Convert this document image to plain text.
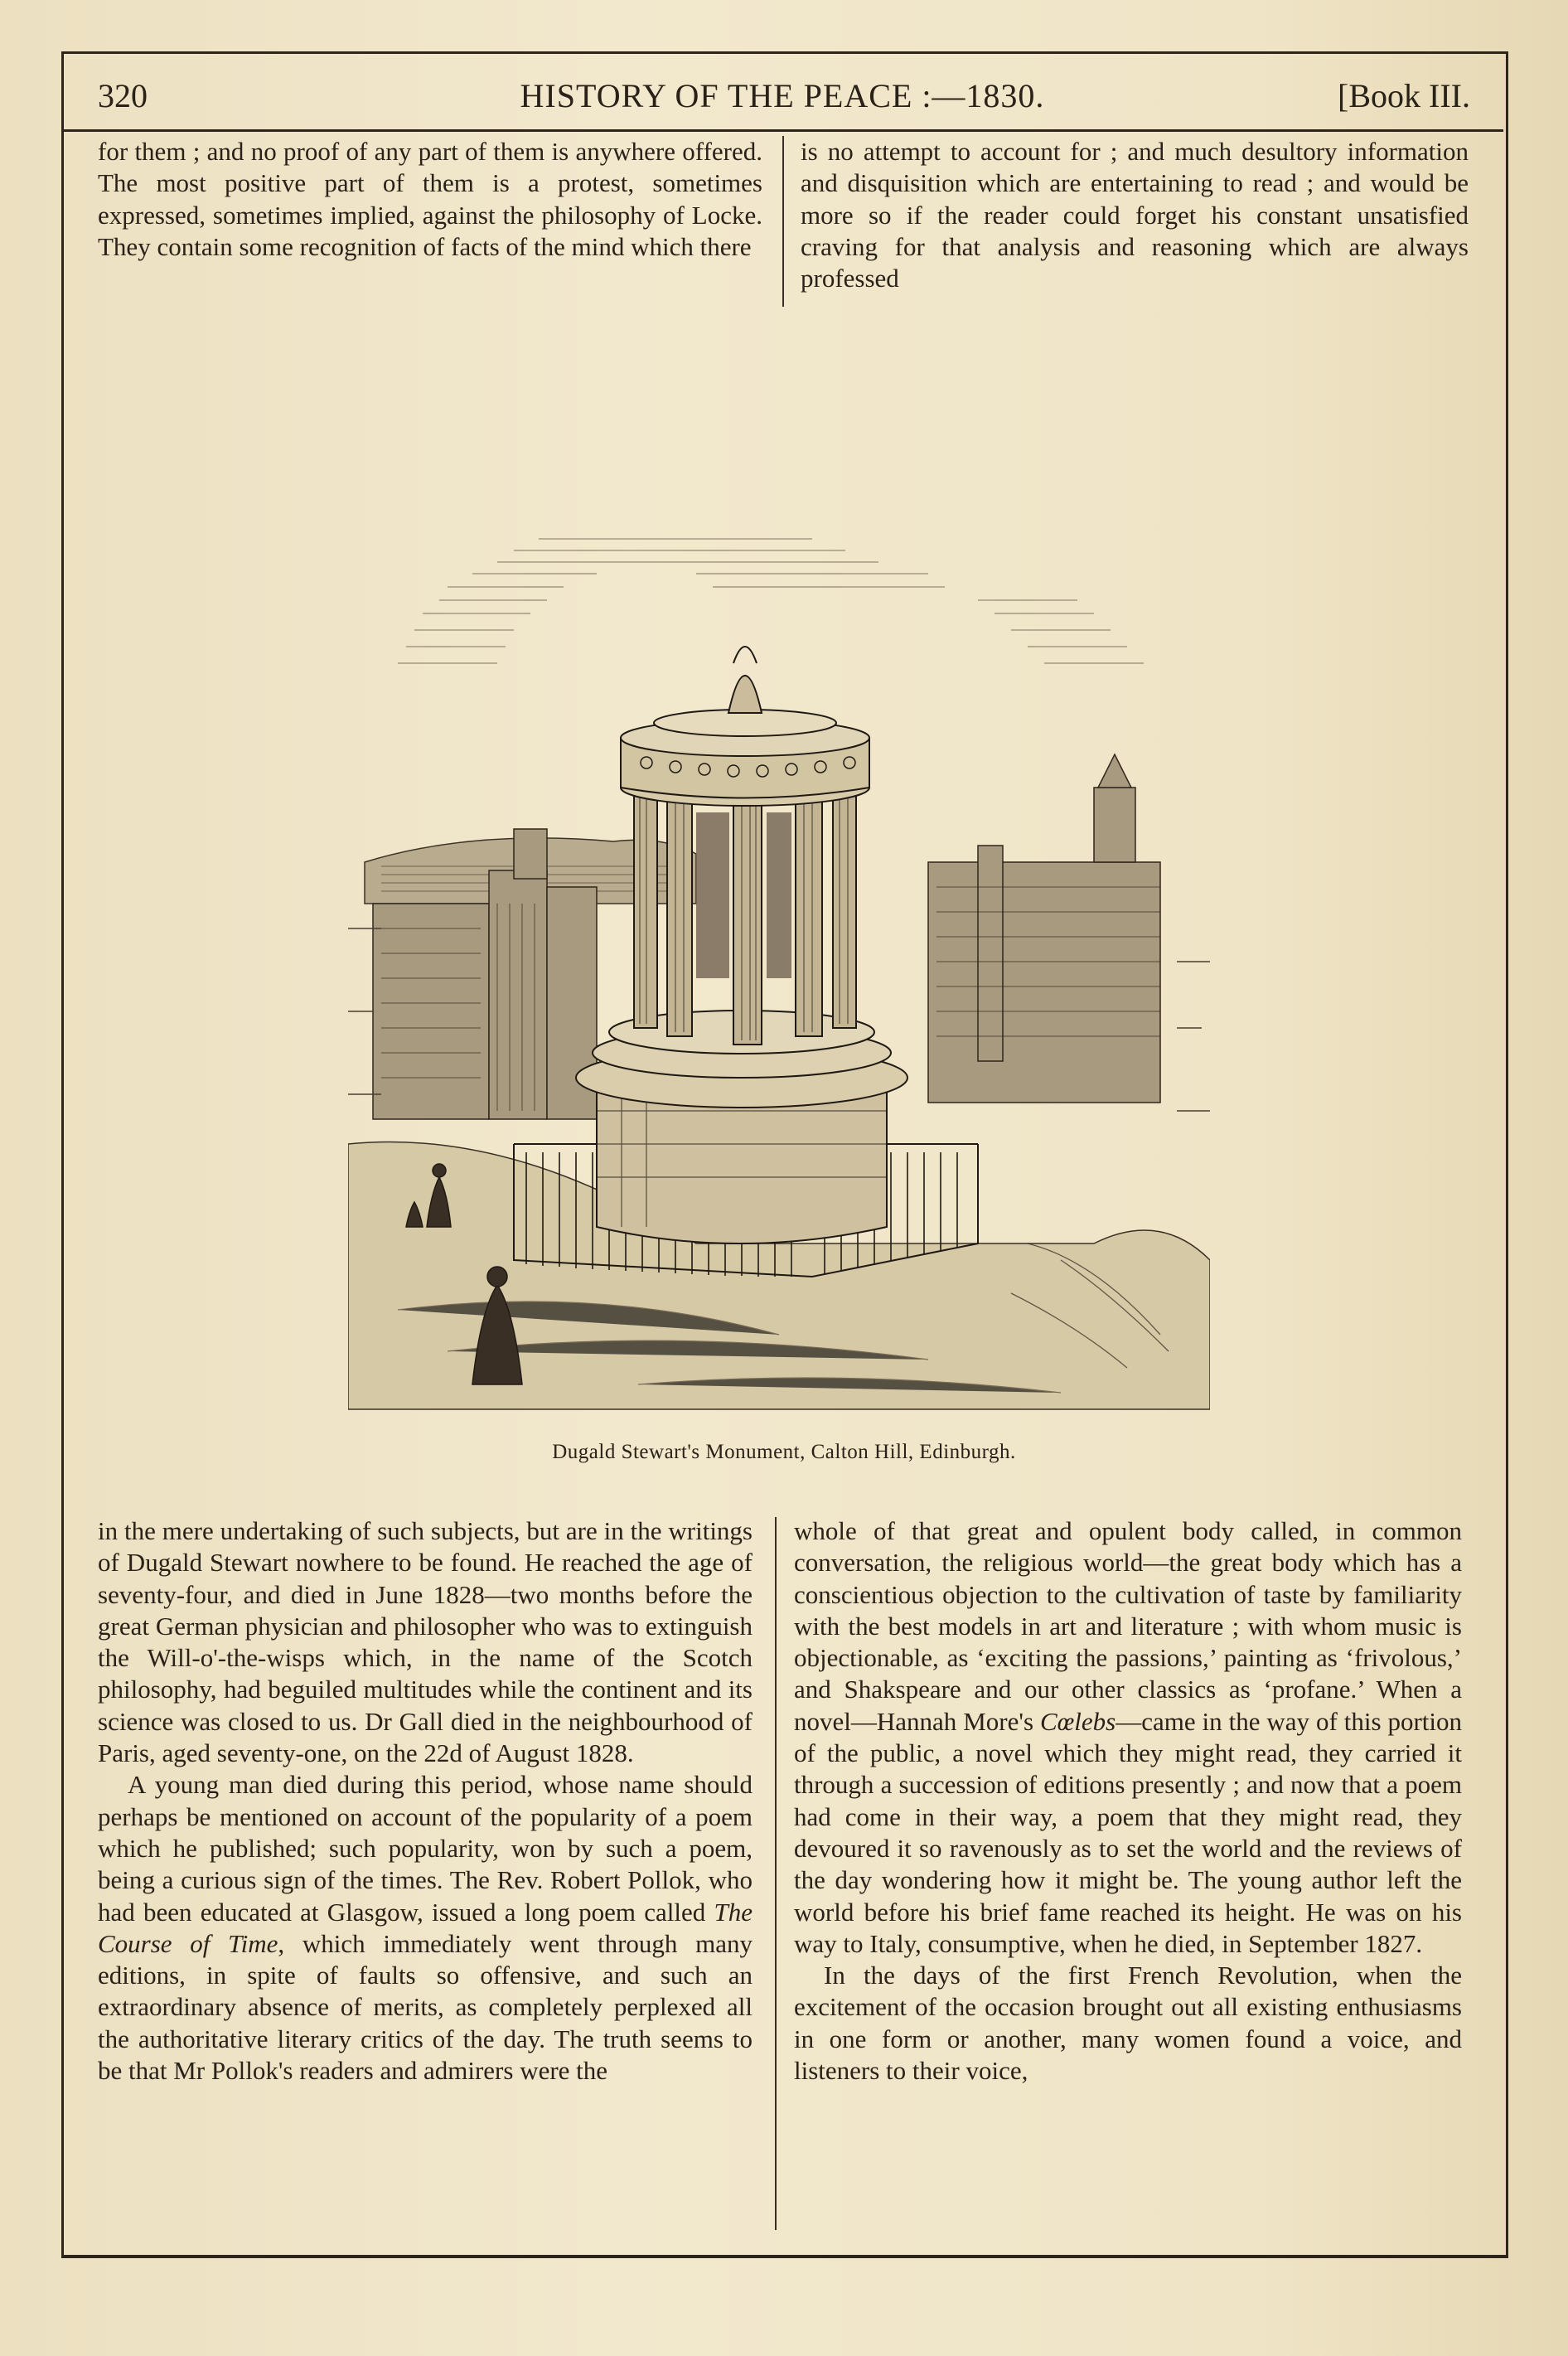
320	HISTORY OF THE PEACE :—1830.	[Book III.

for them ; and no proof of any part of them is anywhere offered. The most positive part of them is a protest, sometimes expressed, sometimes implied, against the philosophy of Locke. They contain some recognition of facts of the mind which there

is no attempt to account for ; and much desultory information and disquisition which are entertaining to read ; and would be more so if the reader could forget his constant unsatisfied craving for that analysis and reasoning which are always professed

Dugald Stewart's Monument, Calton Hill, Edinburgh.

in the mere undertaking of such subjects, but are in the writings of Dugald Stewart nowhere to be found. He reached the age of seventy-four, and died in June 1828—two months before the great German physician and philosopher who was to extinguish the Will-o'-the-wisps which, in the name of the Scotch philosophy, had beguiled multitudes while the continent and its science was closed to us. Dr Gall died in the neighbourhood of Paris, aged seventy-one, on the 22d of August 1828.

A young man died during this period, whose name should perhaps be mentioned on account of the popularity of a poem which he published; such popularity, won by such a poem, being a curious sign of the times. The Rev. Robert Pollok, who had been educated at Glasgow, issued a long poem called The Course of Time, which immediately went through many editions, in spite of faults so offensive, and such an extraordinary absence of merits, as completely perplexed all the authoritative literary critics of the day. The truth seems to be that Mr Pollok's readers and admirers were the

whole of that great and opulent body called, in common conversation, the religious world—the great body which has a conscientious objection to the cultivation of taste by familiarity with the best models in art and literature ; with whom music is objectionable, as ‘exciting the passions,’ painting as ‘frivolous,’ and Shakspeare and our other classics as ‘profane.’ When a novel—Hannah More's Cœlebs—came in the way of this portion of the public, a novel which they might read, they carried it through a succession of editions presently ; and now that a poem had come in their way, a poem that they might read, they devoured it so ravenously as to set the world and the reviews of the day wondering how it might be. The young author left the world before his brief fame reached its height. He was on his way to Italy, consumptive, when he died, in September 1827.

In the days of the first French Revolution, when the excitement of the occasion brought out all existing enthusiasms in one form or another, many women found a voice, and listeners to their voice,
